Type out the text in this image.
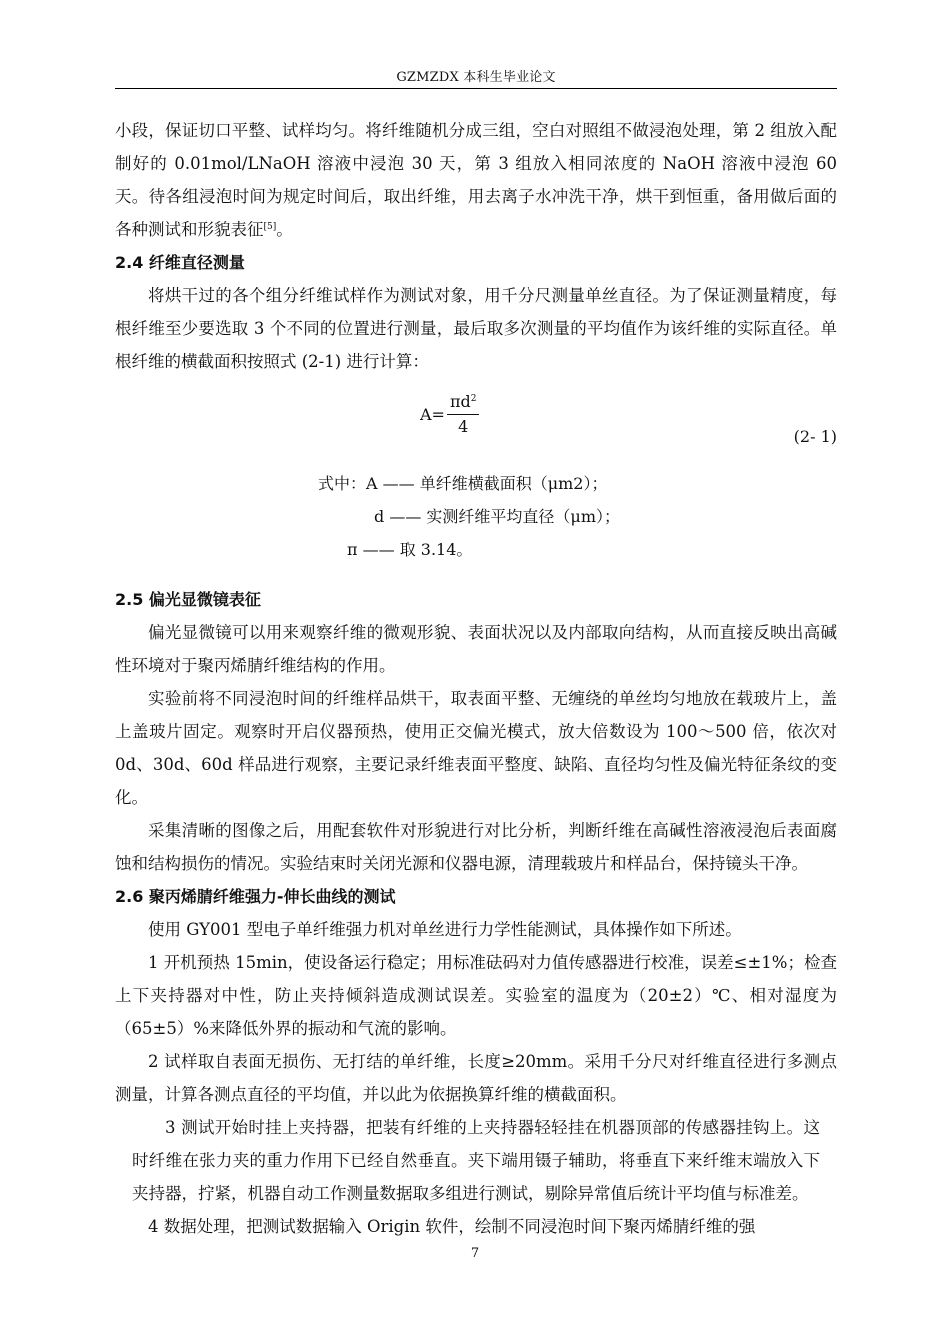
GZMZDX 本科生毕业论文

小段，保证切口平整、试样均匀。将纤维随机分成三组，空白对照组不做浸泡处理，第 2 组放入配制好的 0.01mol/LNaOH 溶液中浸泡 30 天，第 3 组放入相同浓度的 NaOH 溶液中浸泡 60 天。待各组浸泡时间为规定时间后，取出纤维，用去离子水冲洗干净，烘干到恒重，备用做后面的各种测试和形貌表征[5]。

2.4 纤维直径测量

将烘干过的各个组分纤维试样作为测试对象，用千分尺测量单丝直径。为了保证测量精度，每根纤维至少要选取 3 个不同的位置进行测量，最后取多次测量的平均值作为该纤维的实际直径。单根纤维的横截面积按照式 (2-1) 进行计算：

$A= \frac{\pi d^2}{4}$	(2- 1)
式中：A —— 单纤维横截面积（μm2）；
d —— 实测纤维平均直径（μm）；
π —— 取 3.14。
2.5 偏光显微镜表征

偏光显微镜可以用来观察纤维的微观形貌、表面状况以及内部取向结构，从而直接反映出高碱性环境对于聚丙烯腈纤维结构的作用。

实验前将不同浸泡时间的纤维样品烘干，取表面平整、无缠绕的单丝均匀地放在载玻片上，盖上盖玻片固定。观察时开启仪器预热，使用正交偏光模式，放大倍数设为 100～500 倍，依次对 0d、30d、60d 样品进行观察，主要记录纤维表面平整度、缺陷、直径均匀性及偏光特征条纹的变化。

采集清晰的图像之后，用配套软件对形貌进行对比分析，判断纤维在高碱性溶液浸泡后表面腐蚀和结构损伤的情况。实验结束时关闭光源和仪器电源，清理载玻片和样品台，保持镜头干净。

2.6 聚丙烯腈纤维强力-伸长曲线的测试

使用 GY001 型电子单纤维强力机对单丝进行力学性能测试，具体操作如下所述。

1 开机预热 15min，使设备运行稳定；用标准砝码对力值传感器进行校准，误差≤±1%；检查上下夹持器对中性，防止夹持倾斜造成测试误差。实验室的温度为（20±2）℃、相对湿度为（65±5）%来降低外界的振动和气流的影响。

2 试样取自表面无损伤、无打结的单纤维，长度≥20mm。采用千分尺对纤维直径进行多测点测量，计算各测点直径的平均值，并以此为依据换算纤维的横截面积。

3 测试开始时挂上夹持器，把装有纤维的上夹持器轻轻挂在机器顶部的传感器挂钩上。这时纤维在张力夹的重力作用下已经自然垂直。夹下端用镊子辅助，将垂直下来纤维末端放入下夹持器，拧紧，机器自动工作测量数据取多组进行测试，剔除异常值后统计平均值与标准差。

4 数据处理，把测试数据输入 Origin 软件，绘制不同浸泡时间下聚丙烯腈纤维的强

7
